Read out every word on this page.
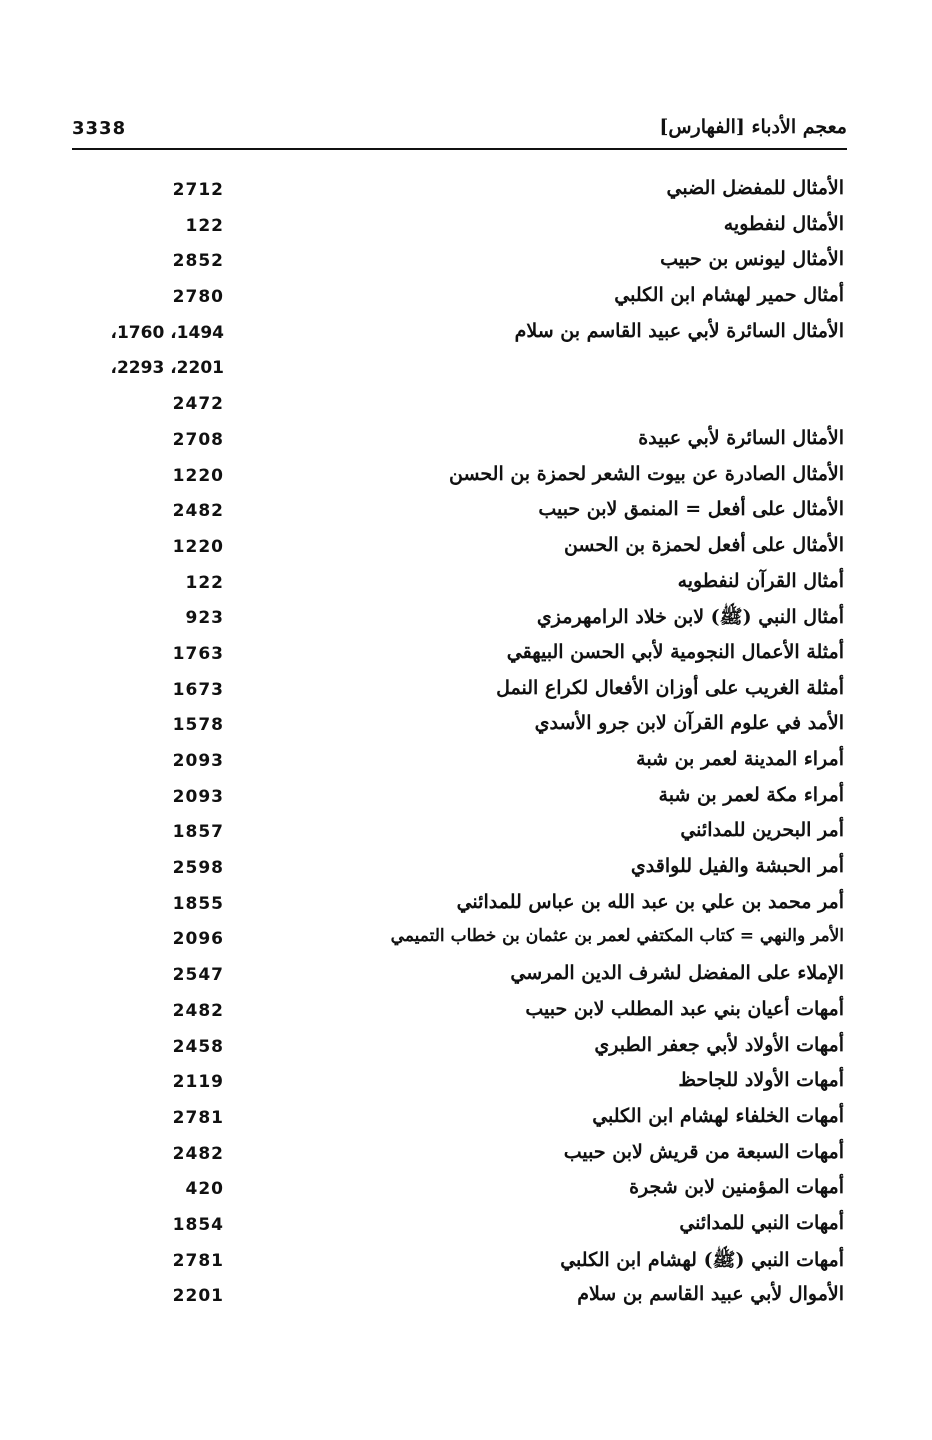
3338	معجم الأدباء [الفهارس]
الأمثال للمفضل الضبي
2712
الأمثال لنفطويه
122
الأمثال ليونس بن حبيب
2852
أمثال حمير لهشام ابن الكلبي
2780
الأمثال السائرة لأبي عبيد القاسم بن سلام
1494، 1760،
2201، 2293،
2472
الأمثال السائرة لأبي عبيدة
2708
الأمثال الصادرة عن بيوت الشعر لحمزة بن الحسن
1220
الأمثال على أفعل = المنمق لابن حبيب
2482
الأمثال على أفعل لحمزة بن الحسن
1220
أمثال القرآن لنفطويه
122
أمثال النبي (ﷺ) لابن خلاد الرامهرمزي
923
أمثلة الأعمال النجومية لأبي الحسن البيهقي
1763
أمثلة الغريب على أوزان الأفعال لكراع النمل
1673
الأمد في علوم القرآن لابن جرو الأسدي
1578
أمراء المدينة لعمر بن شبة
2093
أمراء مكة لعمر بن شبة
2093
أمر البحرين للمدائني
1857
أمر الحبشة والفيل للواقدي
2598
أمر محمد بن علي بن عبد الله بن عباس للمدائني
1855
الأمر والنهي = كتاب المكتفي لعمر بن عثمان بن خطاب التميمي
2096
الإملاء على المفضل لشرف الدين المرسي
2547
أمهات أعيان بني عبد المطلب لابن حبيب
2482
أمهات الأولاد لأبي جعفر الطبري
2458
أمهات الأولاد للجاحظ
2119
أمهات الخلفاء لهشام ابن الكلبي
2781
أمهات السبعة من قريش لابن حبيب
2482
أمهات المؤمنين لابن شجرة
420
أمهات النبي للمدائني
1854
أمهات النبي (ﷺ) لهشام ابن الكلبي
2781
الأموال لأبي عبيد القاسم بن سلام
2201
